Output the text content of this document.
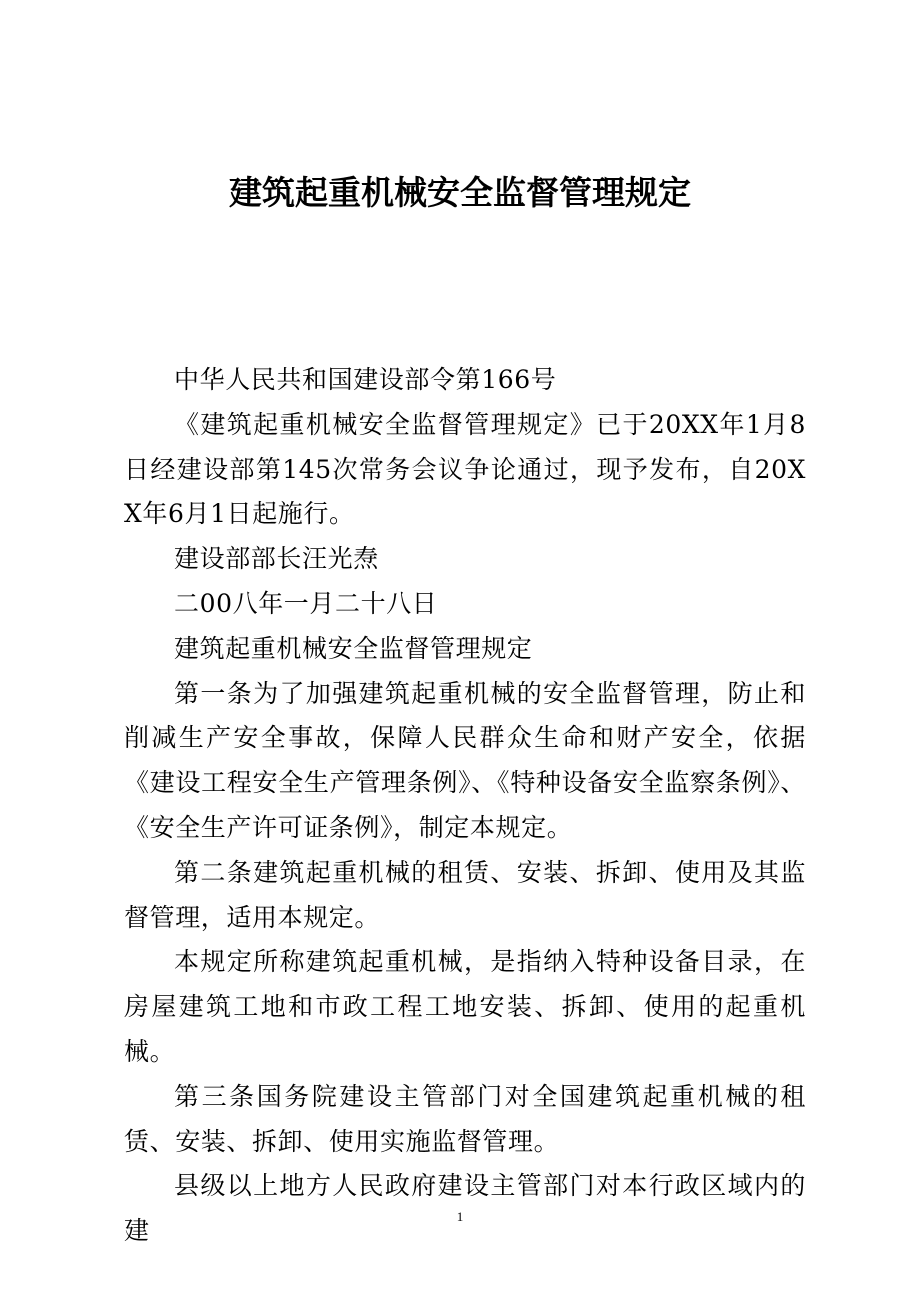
建筑起重机械安全监督管理规定

中华人民共和国建设部令第166号

《建筑起重机械安全监督管理规定》已于20XX年1月8日经建设部第145次常务会议争论通过，现予发布，自20XX年6月1日起施行。

建设部部长汪光焘

二00八年一月二十八日

建筑起重机械安全监督管理规定

第一条为了加强建筑起重机械的安全监督管理，防止和削减生产安全事故，保障人民群众生命和财产安全，依据《建设工程安全生产管理条例》、《特种设备安全监察条例》、《安全生产许可证条例》，制定本规定。

第二条建筑起重机械的租赁、安装、拆卸、使用及其监督管理，适用本规定。

本规定所称建筑起重机械，是指纳入特种设备目录，在房屋建筑工地和市政工程工地安装、拆卸、使用的起重机械。

第三条国务院建设主管部门对全国建筑起重机械的租赁、安装、拆卸、使用实施监督管理。

县级以上地方人民政府建设主管部门对本行政区域内的建	1
